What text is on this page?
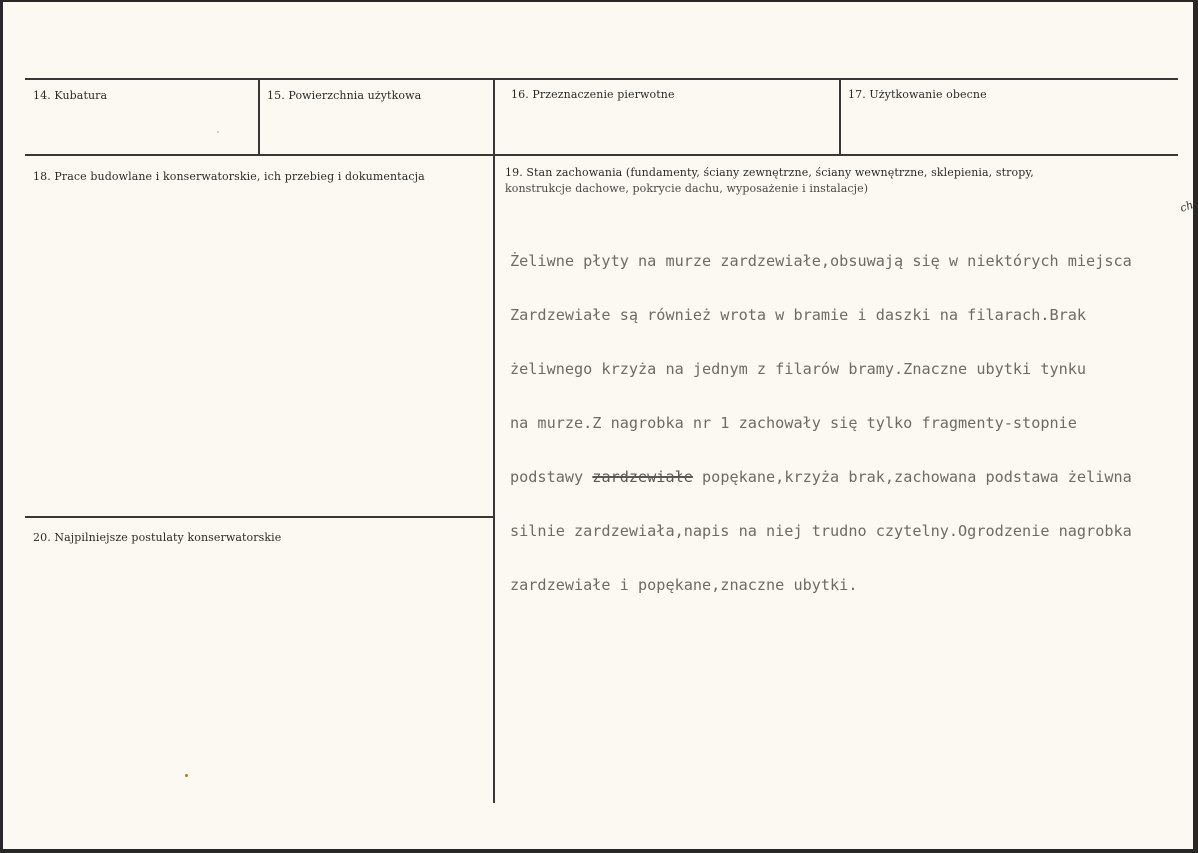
14. Kubatura	15. Powierzchnia użytkowa	16. Przeznaczenie pierwotne	17. Użytkowanie obecne
18. Prace budowlane i konserwatorskie, ich przebieg i dokumentacja	19. Stan zachowania (fundamenty, ściany zewnętrzne, ściany wewnętrzne, sklepienia, stropy,
konstrukcje dachowe, pokrycie dachu, wyposażenie i instalacje)
20. Najpilniejsze postulaty konserwatorskie
ch

Żeliwne płyty na murze zardzewiałe,obsuwają się w niektórych miejsca

Zardzewiałe są również wrota w bramie i daszki na filarach.Brak

żeliwnego krzyża na jednym z filarów bramy.Znaczne ubytki tynku

na murze.Z nagrobka nr 1 zachowały się tylko fragmenty-stopnie

podstawy zardzewiałe popękane,krzyża brak,zachowana podstawa żeliwna

silnie zardzewiała,napis na niej trudno czytelny.Ogrodzenie nagrobka

zardzewiałe i popękane,znaczne ubytki.
